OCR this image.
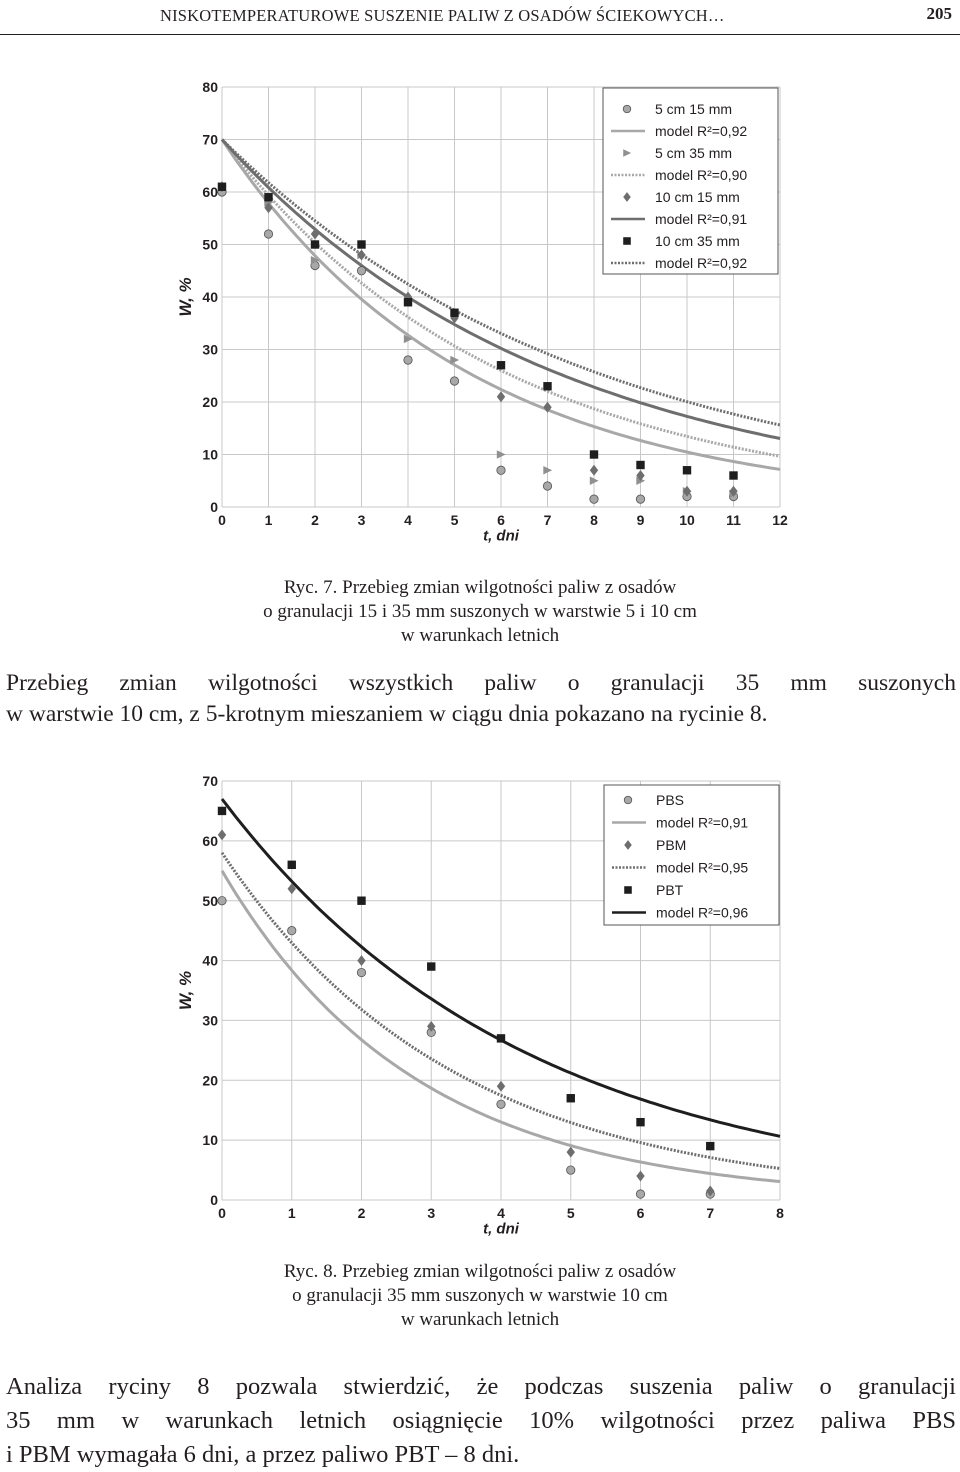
NISKOTEMPERATUROWE SUSZENIE PALIW Z OSADÓW ŚCIEKOWYCH…	205
0	1	2	3	4	5	6	7	8	9 10 11 12
0
10
20
30
40
50
60
70
80
t, dni
W, %
5 cm 15 mm
model R²=0,92
5 cm 35 mm
model R²=0,90
10 cm 15 mm
model R²=0,91
10 cm 35 mm
model R²=0,92
0	1	2	3	4	5	6	7	8
0
10
20
30
40
50
60
70
t, dni
W, %
PBS
model R²=0,91
PBM
model R²=0,95
PBT
model R²=0,96
Ryc. 7. Przebieg zmian wilgotności paliw z osadów
o granulacji 15 i 35 mm suszonych w warstwie 5 i 10 cm
w warunkach letnich
Przebieg zmian wilgotności wszystkich paliw o granulacji 35 mm suszonych
w warstwie 10 cm, z 5-krotnym mieszaniem w ciągu dnia pokazano na rycinie 8.
Ryc. 8. Przebieg zmian wilgotności paliw z osadów
o granulacji 35 mm suszonych w warstwie 10 cm
w warunkach letnich
Analiza ryciny 8 pozwala stwierdzić, że podczas suszenia paliw o granulacji
35 mm w warunkach letnich osiągnięcie 10% wilgotności przez paliwa PBS
i PBM wymagała 6 dni, a przez paliwo PBT – 8 dni.
